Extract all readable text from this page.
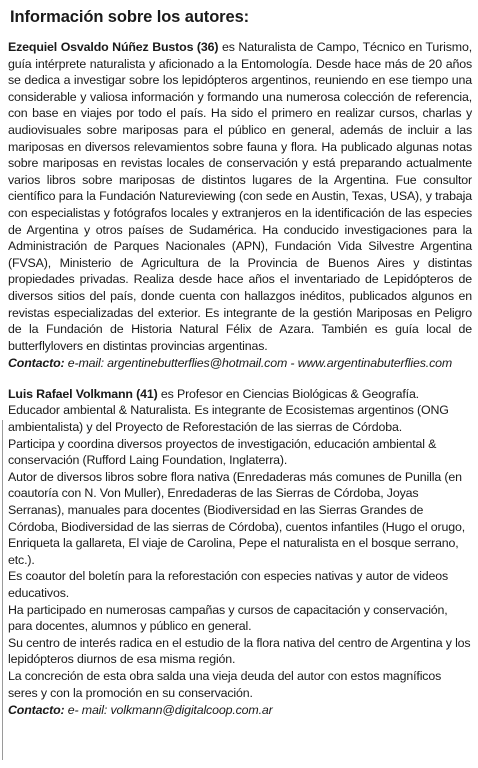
Información sobre los autores:

Ezequiel Osvaldo Núñez Bustos (36) es Naturalista de Campo, Técnico en Turismo, guía intérprete naturalista y aficionado a la Entomología. Desde hace más de 20 años se dedica a investigar sobre los lepidópteros argentinos, reuniendo en ese tiempo una considerable y valiosa información y formando una numerosa colección de referencia, con base en viajes por todo el país. Ha sido el primero en realizar cursos, charlas y audiovisuales sobre mariposas para el público en general, además de incluir a las mariposas en diversos relevamientos sobre fauna y flora. Ha publicado algunas notas sobre mariposas en revistas locales de conservación y está preparando actualmente varios libros sobre mariposas de distintos lugares de la Argentina. Fue consultor científico para la Fundación Natureviewing (con sede en Austin, Texas, USA), y trabaja con especialistas y fotógrafos locales y extranjeros en la identificación de las especies de Argentina y otros países de Sudamérica. Ha conducido investigaciones para la Administración de Parques Nacionales (APN), Fundación Vida Silvestre Argentina (FVSA), Ministerio de Agricultura de la Provincia de Buenos Aires y distintas propiedades privadas. Realiza desde hace años el inventariado de Lepidópteros de diversos sitios del país, donde cuenta con hallazgos inéditos, publicados algunos en revistas especializadas del exterior. Es integrante de la gestión Mariposas en Peligro de la Fundación de Historia Natural Félix de Azara. También es guía local de butterflylovers en distintas provincias argentinas.

Contacto: e-mail: argentinebutterflies@hotmail.com - www.argentinabuterflies.com

Luis Rafael Volkmann (41) es Profesor en Ciencias Biológicas & Geografía. Educador ambiental & Naturalista. Es integrante de Ecosistemas argentinos (ONG ambientalista) y del Proyecto de Reforestación de las sierras de Córdoba.

Participa y coordina diversos proyectos de investigación, educación ambiental & conservación (Rufford Laing Foundation, Inglaterra).

Autor de diversos libros sobre flora nativa (Enredaderas más comunes de Punilla (en coautoría con N. Von Muller), Enredaderas de las Sierras de Córdoba, Joyas Serranas), manuales para docentes (Biodiversidad en las Sierras Grandes de Córdoba, Biodiversidad de las sierras de Córdoba), cuentos infantiles (Hugo el orugo, Enriqueta la gallareta, El viaje de Carolina, Pepe el naturalista en el bosque serrano, etc.).

Es coautor del boletín para la reforestación con especies nativas y autor de videos educativos.

Ha participado en numerosas campañas y cursos de capacitación y conservación, para docentes, alumnos y público en general.

Su centro de interés radica en el estudio de la flora nativa del centro de Argentina y los lepidópteros diurnos de esa misma región.

La concreción de esta obra salda una vieja deuda del autor con estos magníficos seres y con la promoción en su conservación.

Contacto: e- mail: volkmann@digitalcoop.com.ar
